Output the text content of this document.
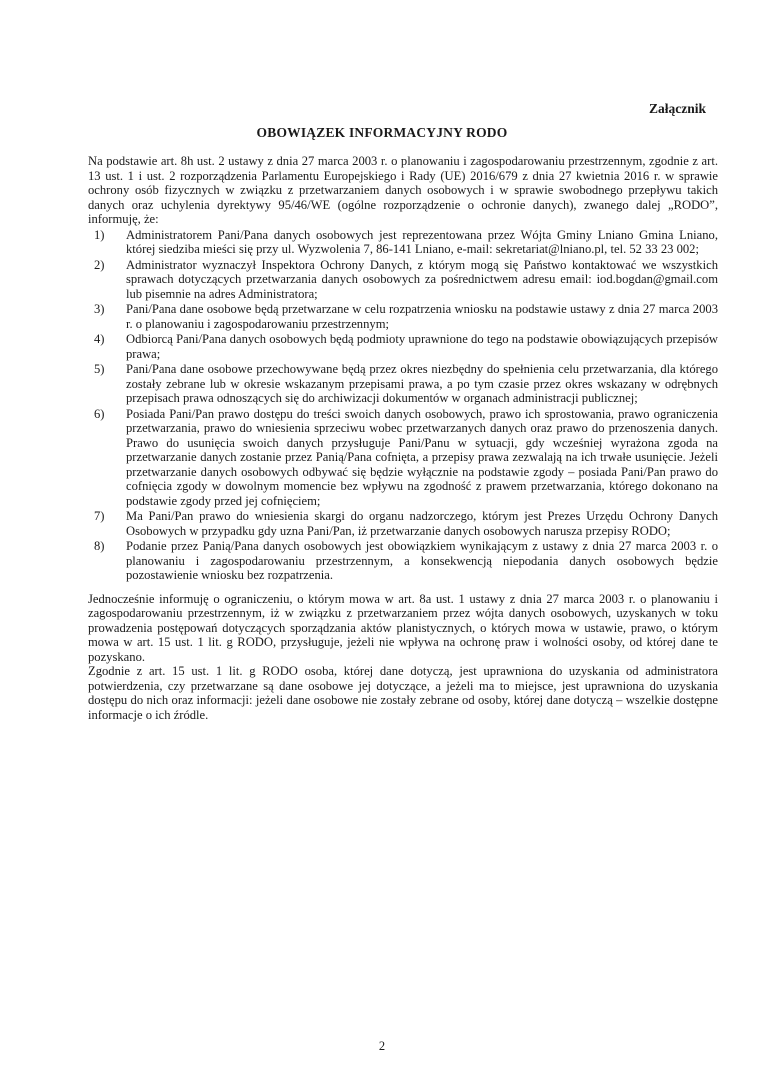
Załącznik
OBOWIĄZEK INFORMACYJNY RODO

Na podstawie art. 8h ust. 2 ustawy z dnia 27 marca 2003 r. o planowaniu i zagospodarowaniu przestrzennym, zgodnie z art. 13 ust. 1 i ust. 2 rozporządzenia Parlamentu Europejskiego i Rady (UE) 2016/679 z dnia 27 kwietnia 2016 r. w sprawie ochrony osób fizycznych w związku z przetwarzaniem danych osobowych i w sprawie swobodnego przepływu takich danych oraz uchylenia dyrektywy 95/46/WE (ogólne rozporządzenie o ochronie danych), zwanego dalej „RODO”, informuję, że:

1)	Administratorem Pani/Pana danych osobowych jest reprezentowana przez Wójta Gminy Lniano Gmina Lniano, której siedziba mieści się przy ul. Wyzwolenia 7, 86-141 Lniano, e-mail: sekretariat@lniano.pl, tel. 52 33 23 002;
2)	Administrator wyznaczył Inspektora Ochrony Danych, z którym mogą się Państwo kontaktować we wszystkich sprawach dotyczących przetwarzania danych osobowych za pośrednictwem adresu email: iod.bogdan@gmail.com lub pisemnie na adres Administratora;
3)	Pani/Pana dane osobowe będą przetwarzane w celu rozpatrzenia wniosku na podstawie ustawy z dnia 27 marca 2003 r. o planowaniu i zagospodarowaniu przestrzennym;
4)	Odbiorcą Pani/Pana danych osobowych będą podmioty uprawnione do tego na podstawie obowiązujących przepisów prawa;
5)	Pani/Pana dane osobowe przechowywane będą przez okres niezbędny do spełnienia celu przetwarzania, dla którego zostały zebrane lub w okresie wskazanym przepisami prawa, a po tym czasie przez okres wskazany w odrębnych przepisach prawa odnoszących się do archiwizacji dokumentów w organach administracji publicznej;
6)	Posiada Pani/Pan prawo dostępu do treści swoich danych osobowych, prawo ich sprostowania, prawo ograniczenia przetwarzania, prawo do wniesienia sprzeciwu wobec przetwarzanych danych oraz prawo do przenoszenia danych. Prawo do usunięcia swoich danych przysługuje Pani/Panu w sytuacji, gdy wcześniej wyrażona zgoda na przetwarzanie danych zostanie przez Panią/Pana cofnięta, a przepisy prawa zezwalają na ich trwałe usunięcie. Jeżeli przetwarzanie danych osobowych odbywać się będzie wyłącznie na podstawie zgody – posiada Pani/Pan prawo do cofnięcia zgody w dowolnym momencie bez wpływu na zgodność z prawem przetwarzania, którego dokonano na podstawie zgody przed jej cofnięciem;
7)	Ma Pani/Pan prawo do wniesienia skargi do organu nadzorczego, którym jest Prezes Urzędu Ochrony Danych Osobowych w przypadku gdy uzna Pani/Pan, iż przetwarzanie danych osobowych narusza przepisy RODO;
8)	Podanie przez Panią/Pana danych osobowych jest obowiązkiem wynikającym z ustawy z dnia 27 marca 2003 r. o planowaniu i zagospodarowaniu przestrzennym, a konsekwencją niepodania danych osobowych będzie pozostawienie wniosku bez rozpatrzenia.

Jednocześnie informuję o ograniczeniu, o którym mowa w art. 8a ust. 1 ustawy z dnia 27 marca 2003 r. o planowaniu i zagospodarowaniu przestrzennym, iż w związku z przetwarzaniem przez wójta danych osobowych, uzyskanych w toku prowadzenia postępowań dotyczących sporządzania aktów planistycznych, o których mowa w ustawie, prawo, o którym mowa w art. 15 ust. 1 lit. g RODO, przysługuje, jeżeli nie wpływa na ochronę praw i wolności osoby, od której dane te pozyskano.

Zgodnie z art. 15 ust. 1 lit. g RODO osoba, której dane dotyczą, jest uprawniona do uzyskania od administratora potwierdzenia, czy przetwarzane są dane osobowe jej dotyczące, a jeżeli ma to miejsce, jest uprawniona do uzyskania dostępu do nich oraz informacji: jeżeli dane osobowe nie zostały zebrane od osoby, której dane dotyczą – wszelkie dostępne informacje o ich źródle.

2
